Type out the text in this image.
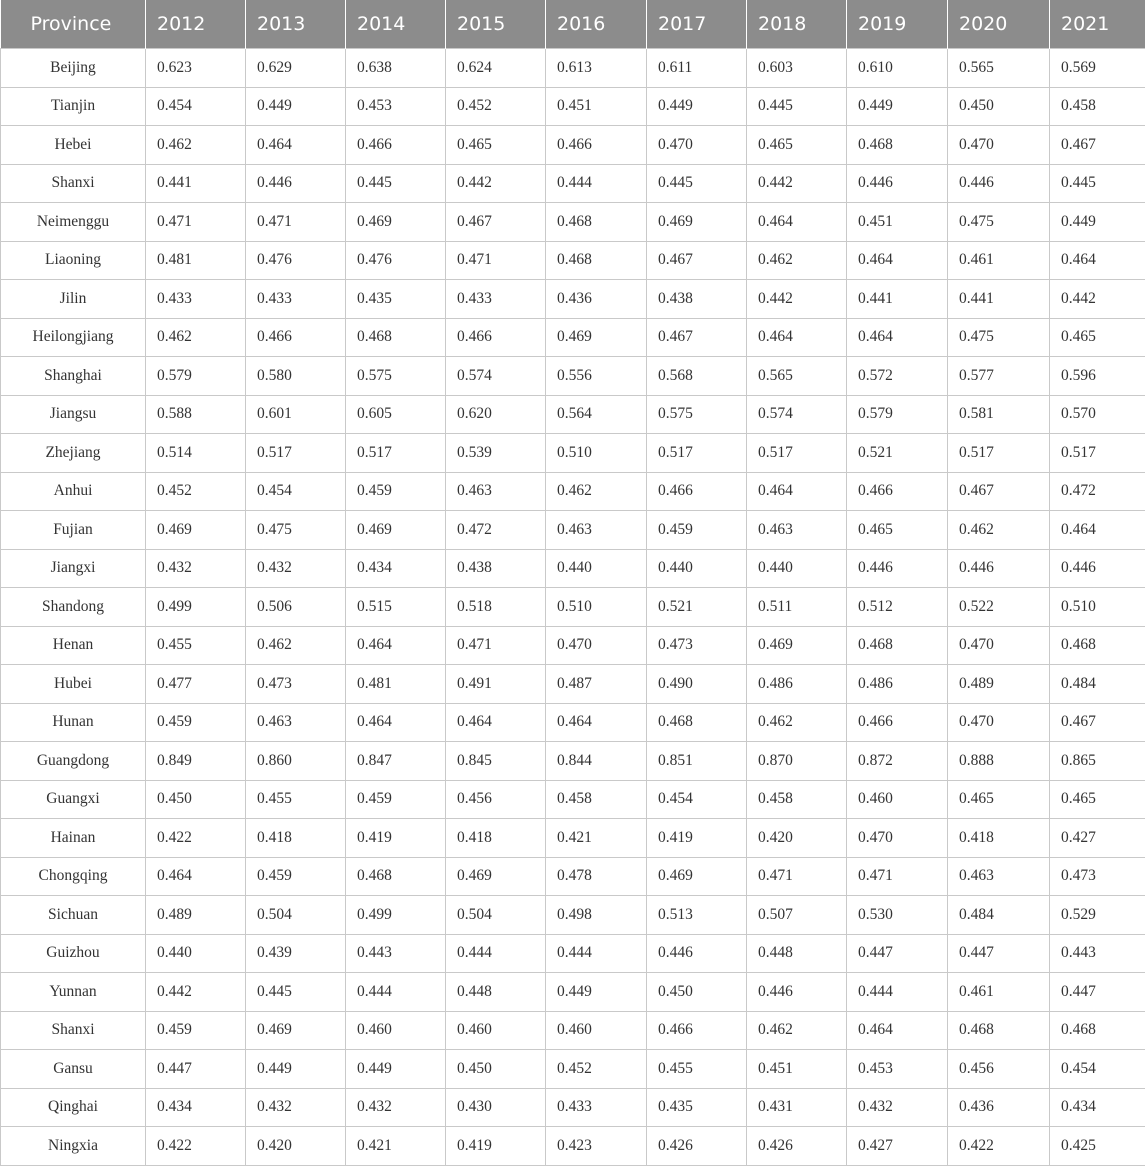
Province	2012	2013	2014	2015	2016	2017	2018	2019	2020	2021
Beijing	0.623	0.629	0.638	0.624	0.613	0.611	0.603	0.610	0.565	0.569
Tianjin	0.454	0.449	0.453	0.452	0.451	0.449	0.445	0.449	0.450	0.458
Hebei	0.462	0.464	0.466	0.465	0.466	0.470	0.465	0.468	0.470	0.467
Shanxi	0.441	0.446	0.445	0.442	0.444	0.445	0.442	0.446	0.446	0.445
Neimenggu	0.471	0.471	0.469	0.467	0.468	0.469	0.464	0.451	0.475	0.449
Liaoning	0.481	0.476	0.476	0.471	0.468	0.467	0.462	0.464	0.461	0.464
Jilin	0.433	0.433	0.435	0.433	0.436	0.438	0.442	0.441	0.441	0.442
Heilongjiang	0.462	0.466	0.468	0.466	0.469	0.467	0.464	0.464	0.475	0.465
Shanghai	0.579	0.580	0.575	0.574	0.556	0.568	0.565	0.572	0.577	0.596
Jiangsu	0.588	0.601	0.605	0.620	0.564	0.575	0.574	0.579	0.581	0.570
Zhejiang	0.514	0.517	0.517	0.539	0.510	0.517	0.517	0.521	0.517	0.517
Anhui	0.452	0.454	0.459	0.463	0.462	0.466	0.464	0.466	0.467	0.472
Fujian	0.469	0.475	0.469	0.472	0.463	0.459	0.463	0.465	0.462	0.464
Jiangxi	0.432	0.432	0.434	0.438	0.440	0.440	0.440	0.446	0.446	0.446
Shandong	0.499	0.506	0.515	0.518	0.510	0.521	0.511	0.512	0.522	0.510
Henan	0.455	0.462	0.464	0.471	0.470	0.473	0.469	0.468	0.470	0.468
Hubei	0.477	0.473	0.481	0.491	0.487	0.490	0.486	0.486	0.489	0.484
Hunan	0.459	0.463	0.464	0.464	0.464	0.468	0.462	0.466	0.470	0.467
Guangdong	0.849	0.860	0.847	0.845	0.844	0.851	0.870	0.872	0.888	0.865
Guangxi	0.450	0.455	0.459	0.456	0.458	0.454	0.458	0.460	0.465	0.465
Hainan	0.422	0.418	0.419	0.418	0.421	0.419	0.420	0.470	0.418	0.427
Chongqing	0.464	0.459	0.468	0.469	0.478	0.469	0.471	0.471	0.463	0.473
Sichuan	0.489	0.504	0.499	0.504	0.498	0.513	0.507	0.530	0.484	0.529
Guizhou	0.440	0.439	0.443	0.444	0.444	0.446	0.448	0.447	0.447	0.443
Yunnan	0.442	0.445	0.444	0.448	0.449	0.450	0.446	0.444	0.461	0.447
Shanxi	0.459	0.469	0.460	0.460	0.460	0.466	0.462	0.464	0.468	0.468
Gansu	0.447	0.449	0.449	0.450	0.452	0.455	0.451	0.453	0.456	0.454
Qinghai	0.434	0.432	0.432	0.430	0.433	0.435	0.431	0.432	0.436	0.434
Ningxia	0.422	0.420	0.421	0.419	0.423	0.426	0.426	0.427	0.422	0.425
